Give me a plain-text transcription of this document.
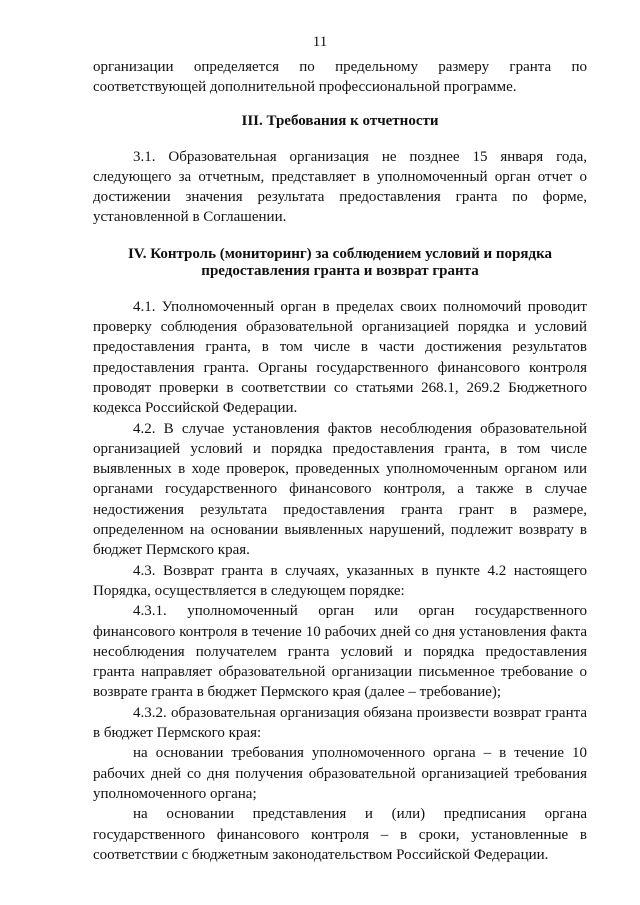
11

организации определяется по предельному размеру гранта по соответствующей дополнительной профессиональной программе.

III. Требования к отчетности

3.1. Образовательная организация не позднее 15 января года, следующего за отчетным, представляет в уполномоченный орган отчет о достижении значения результата предоставления гранта по форме, установленной в Соглашении.

IV. Контроль (мониторинг) за соблюдением условий и порядка
предоставления гранта и возврат гранта

4.1. Уполномоченный орган в пределах своих полномочий проводит проверку соблюдения образовательной организацией порядка и условий предоставления гранта, в том числе в части достижения результатов предоставления гранта. Органы государственного финансового контроля проводят проверки в соответствии со статьями 268.1, 269.2 Бюджетного кодекса Российской Федерации.

4.2. В случае установления фактов несоблюдения образовательной организацией условий и порядка предоставления гранта, в том числе выявленных в ходе проверок, проведенных уполномоченным органом или органами государственного финансового контроля, а также в случае недостижения результата предоставления гранта грант в размере, определенном на основании выявленных нарушений, подлежит возврату в бюджет Пермского края.

4.3. Возврат гранта в случаях, указанных в пункте 4.2 настоящего Порядка, осуществляется в следующем порядке:

4.3.1. уполномоченный орган или орган государственного финансового контроля в течение 10 рабочих дней со дня установления факта несоблюдения получателем гранта условий и порядка предоставления гранта направляет образовательной организации письменное требование о возврате гранта в бюджет Пермского края (далее – требование);

4.3.2. образовательная организация обязана произвести возврат гранта в бюджет Пермского края:

на основании требования уполномоченного органа – в течение 10 рабочих дней со дня получения образовательной организацией требования уполномоченного органа;

на основании представления и (или) предписания органа государственного финансового контроля – в сроки, установленные в соответствии с бюджетным законодательством Российской Федерации.
